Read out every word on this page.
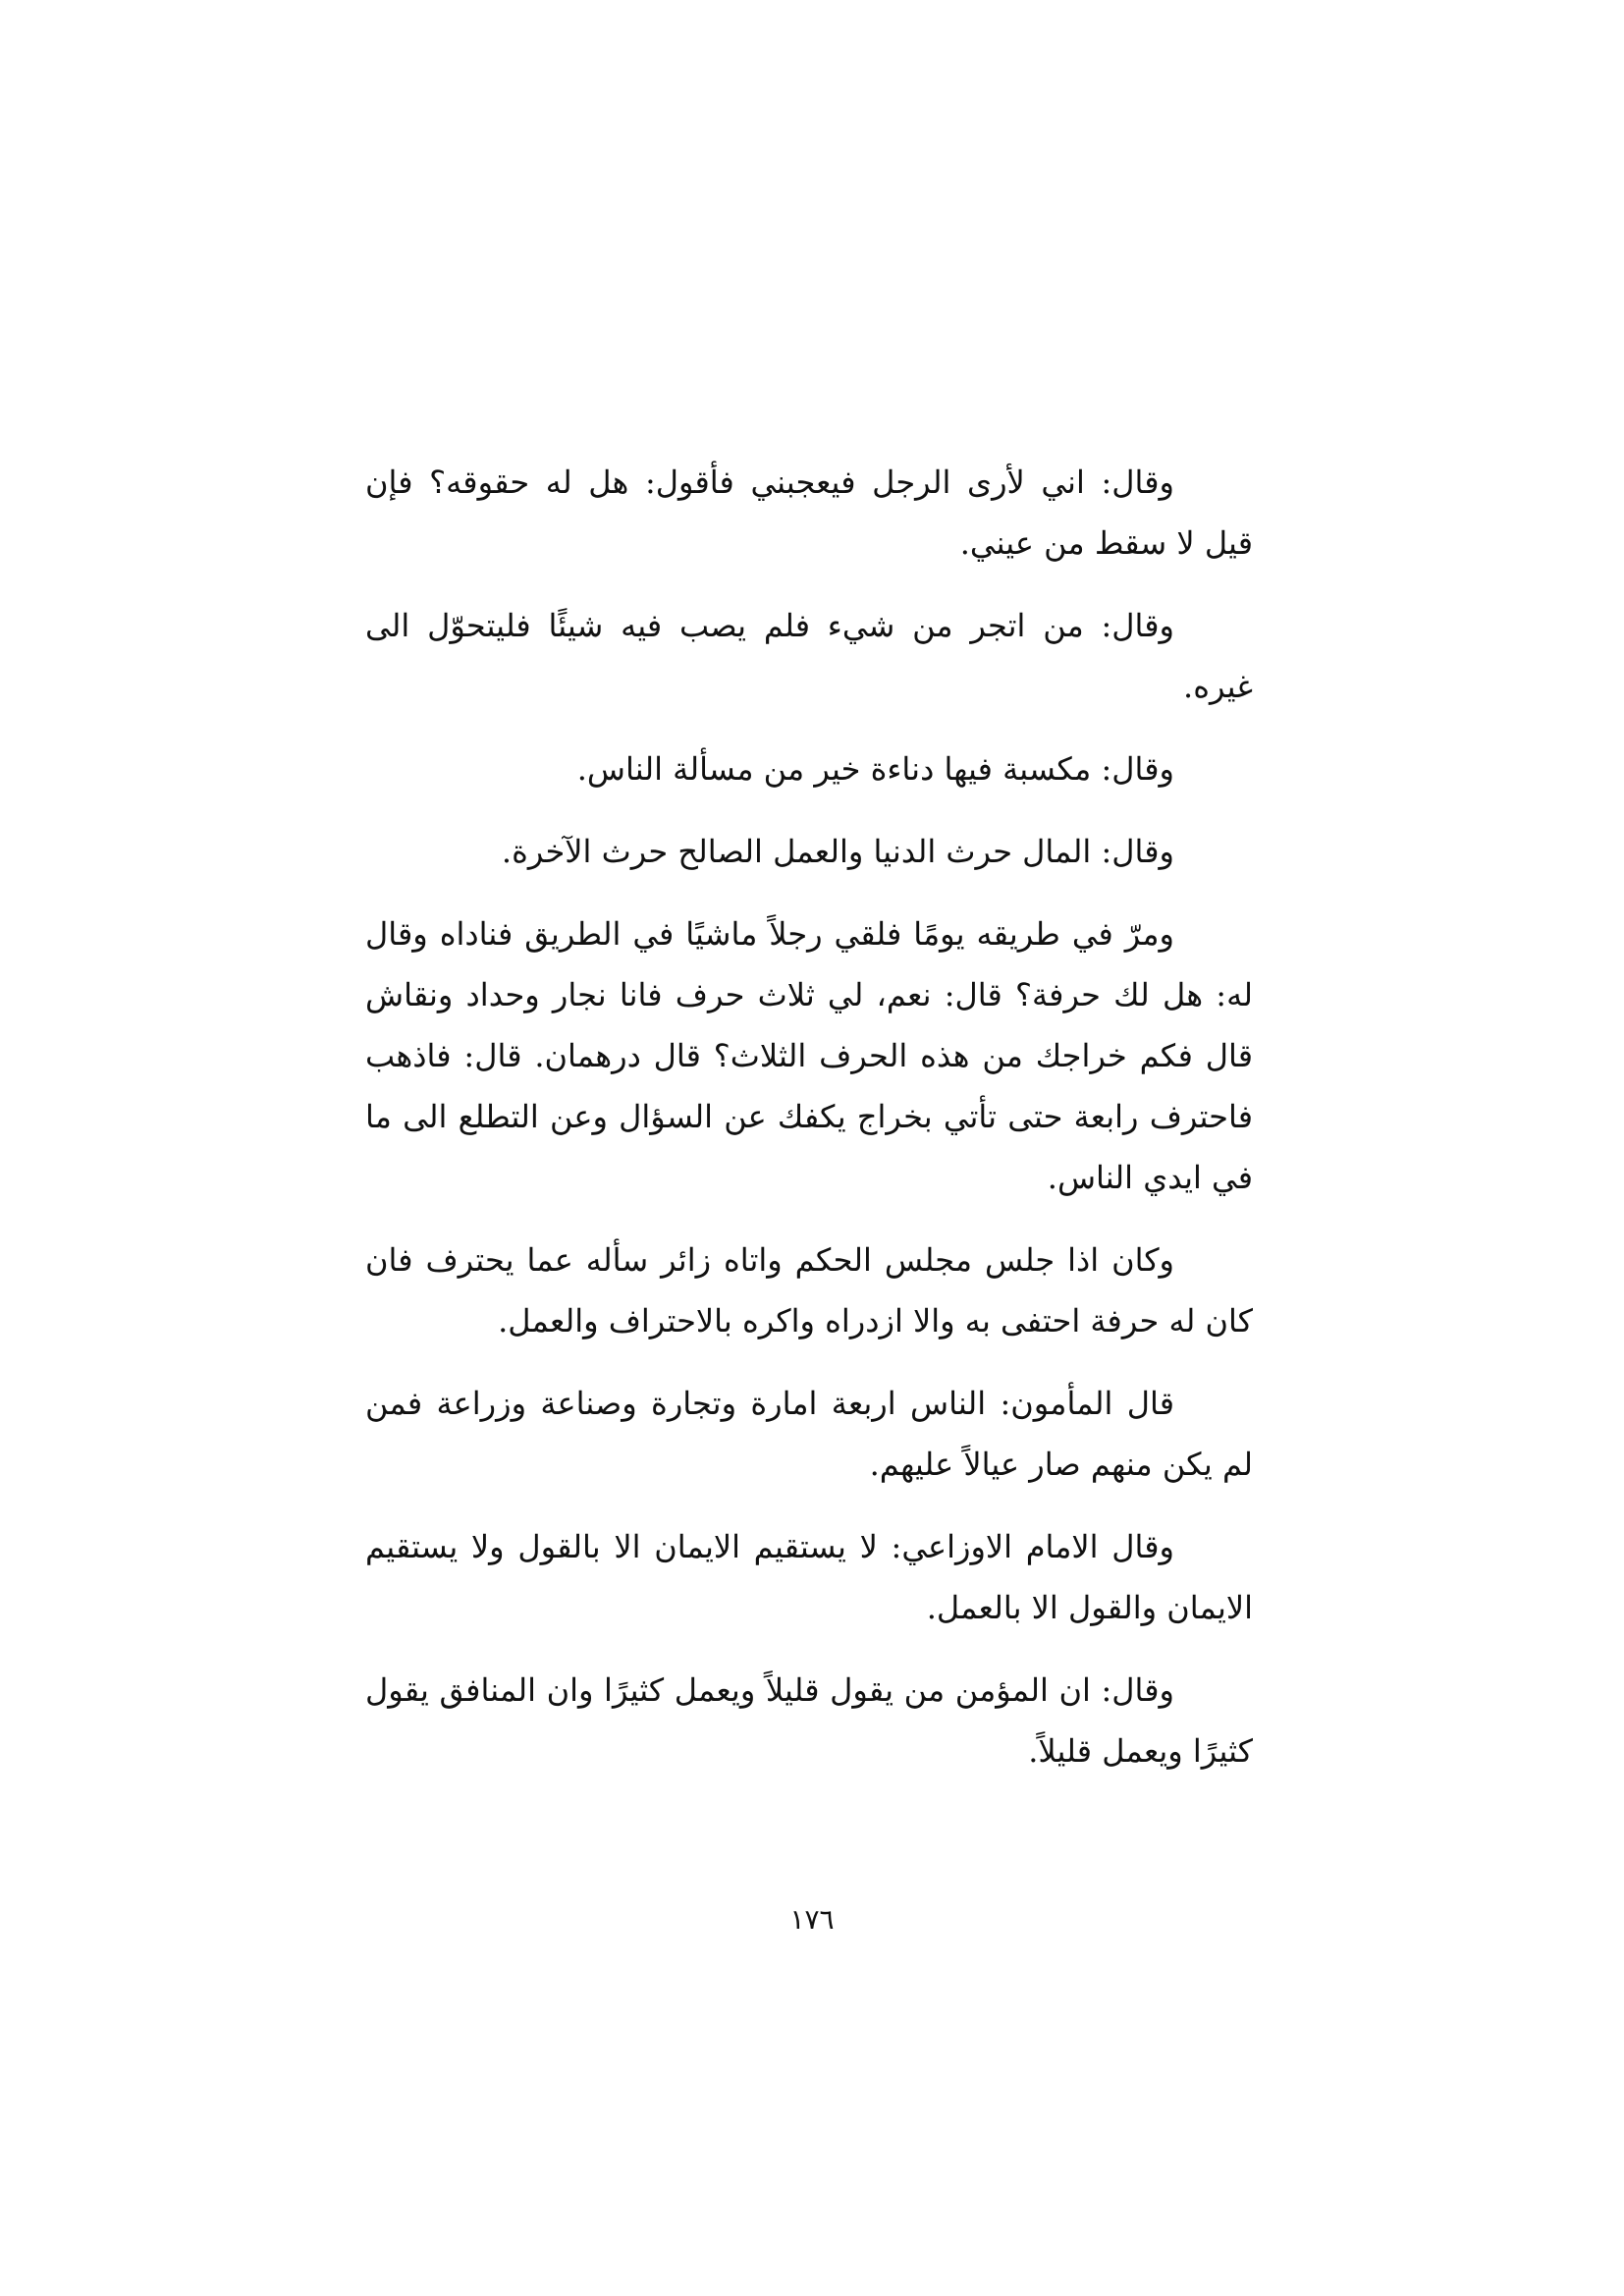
وقال: اني لأرى الرجل فيعجبني فأقول: هل له حقوقه؟ فإن قيل لا سقط من عيني.

وقال: من اتجر من شيء فلم يصب فيه شيئًا فليتحوّل الى غيره.

وقال: مكسبة فيها دناءة خير من مسألة الناس.

وقال: المال حرث الدنيا والعمل الصالح حرث الآخرة.

ومرّ في طريقه يومًا فلقي رجلاً ماشيًا في الطريق فناداه وقال له: هل لك حرفة؟ قال: نعم، لي ثلاث حرف فانا نجار وحداد ونقاش قال فكم خراجك من هذه الحرف الثلاث؟ قال درهمان. قال: فاذهب فاحترف رابعة حتى تأتي بخراج يكفك عن السؤال وعن التطلع الى ما في ايدي الناس.

وكان اذا جلس مجلس الحكم واتاه زائر سأله عما يحترف فان كان له حرفة احتفى به والا ازدراه واكره بالاحتراف والعمل.

قال المأمون: الناس اربعة امارة وتجارة وصناعة وزراعة فمن لم يكن منهم صار عيالاً عليهم.

وقال الامام الاوزاعي: لا يستقيم الايمان الا بالقول ولا يستقيم الايمان والقول الا بالعمل.

وقال: ان المؤمن من يقول قليلاً ويعمل كثيرًا وان المنافق يقول كثيرًا ويعمل قليلاً.

١٧٦
